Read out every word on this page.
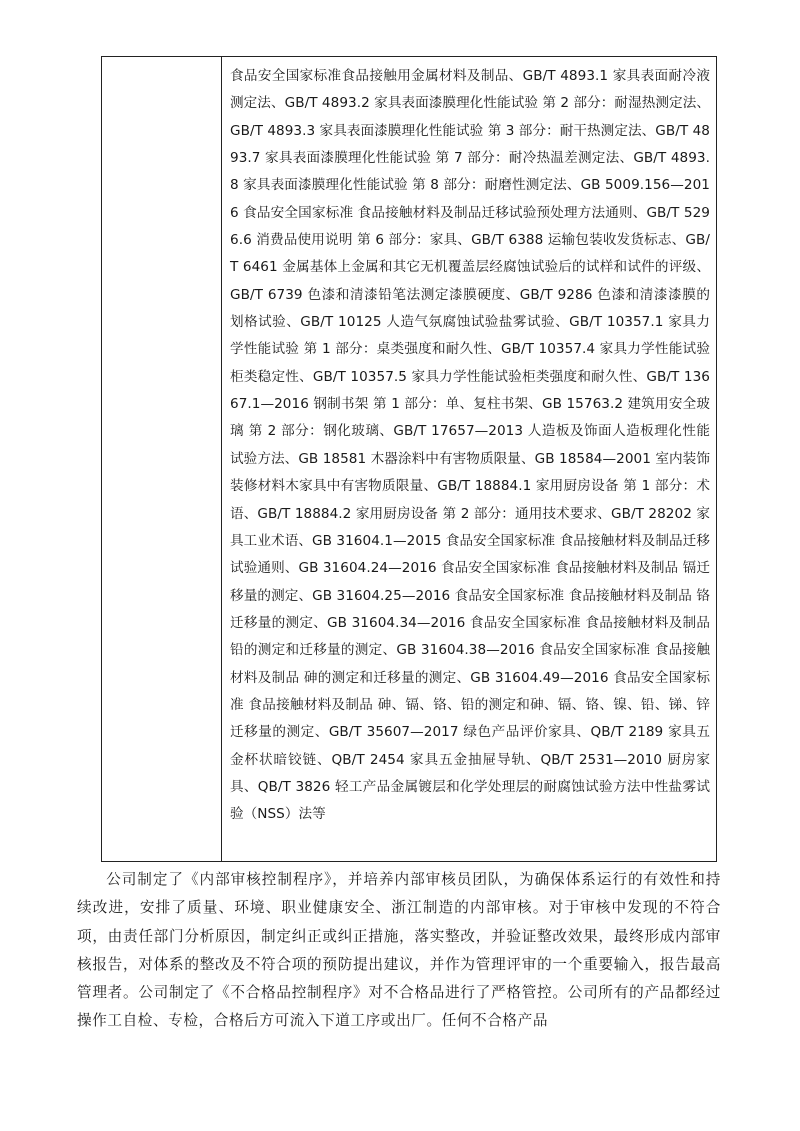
食品安全国家标准食品接触用金属材料及制品、GB/T 4893.1 家具表面耐冷液测定法、GB/T 4893.2 家具表面漆膜理化性能试验 第 2 部分：耐湿热测定法、GB/T 4893.3 家具表面漆膜理化性能试验 第 3 部分：耐干热测定法、GB/T 4893.7 家具表面漆膜理化性能试验 第 7 部分：耐冷热温差测定法、GB/T 4893.8 家具表面漆膜理化性能试验 第 8 部分：耐磨性测定法、GB 5009.156—2016 食品安全国家标准 食品接触材料及制品迁移试验预处理方法通则、GB/T 5296.6 消费品使用说明 第 6 部分：家具、GB/T 6388 运输包装收发货标志、GB/T 6461 金属基体上金属和其它无机覆盖层经腐蚀试验后的试样和试件的评级、GB/T 6739 色漆和清漆铅笔法测定漆膜硬度、GB/T 9286 色漆和清漆漆膜的划格试验、GB/T 10125 人造气氛腐蚀试验盐雾试验、GB/T 10357.1 家具力学性能试验 第 1 部分：桌类强度和耐久性、GB/T 10357.4 家具力学性能试验柜类稳定性、GB/T 10357.5 家具力学性能试验柜类强度和耐久性、GB/T 13667.1—2016 钢制书架 第 1 部分：单、复柱书架、GB 15763.2 建筑用安全玻璃 第 2 部分：钢化玻璃、GB/T 17657—2013 人造板及饰面人造板理化性能试验方法、GB 18581 木器涂料中有害物质限量、GB 18584—2001 室内装饰装修材料木家具中有害物质限量、GB/T 18884.1 家用厨房设备 第 1 部分：术语、GB/T 18884.2 家用厨房设备 第 2 部分：通用技术要求、GB/T 28202 家具工业术语、GB 31604.1—2015 食品安全国家标准 食品接触材料及制品迁移试验通则、GB 31604.24—2016 食品安全国家标准 食品接触材料及制品 镉迁移量的测定、GB 31604.25—2016 食品安全国家标准 食品接触材料及制品 铬迁移量的测定、GB 31604.34—2016 食品安全国家标准 食品接触材料及制品 铅的测定和迁移量的测定、GB 31604.38—2016 食品安全国家标准 食品接触材料及制品 砷的测定和迁移量的测定、GB 31604.49—2016 食品安全国家标准 食品接触材料及制品 砷、镉、铬、铅的测定和砷、镉、铬、镍、铅、锑、锌迁移量的测定、GB/T 35607—2017 绿色产品评价家具、QB/T 2189 家具五金杯状暗铰链、QB/T 2454 家具五金抽屉导轨、QB/T 2531—2010 厨房家具、QB/T 3826 轻工产品金属镀层和化学处理层的耐腐蚀试验方法中性盐雾试验（NSS）法等

公司制定了《内部审核控制程序》，并培养内部审核员团队，为确保体系运行的有效性和持续改进，安排了质量、环境、职业健康安全、浙江制造的内部审核。对于审核中发现的不符合项，由责任部门分析原因，制定纠正或纠正措施，落实整改，并验证整改效果，最终形成内部审核报告，对体系的整改及不符合项的预防提出建议，并作为管理评审的一个重要输入，报告最高管理者。公司制定了《不合格品控制程序》对不合格品进行了严格管控。公司所有的产品都经过操作工自检、专检，合格后方可流入下道工序或出厂。任何不合格产品
